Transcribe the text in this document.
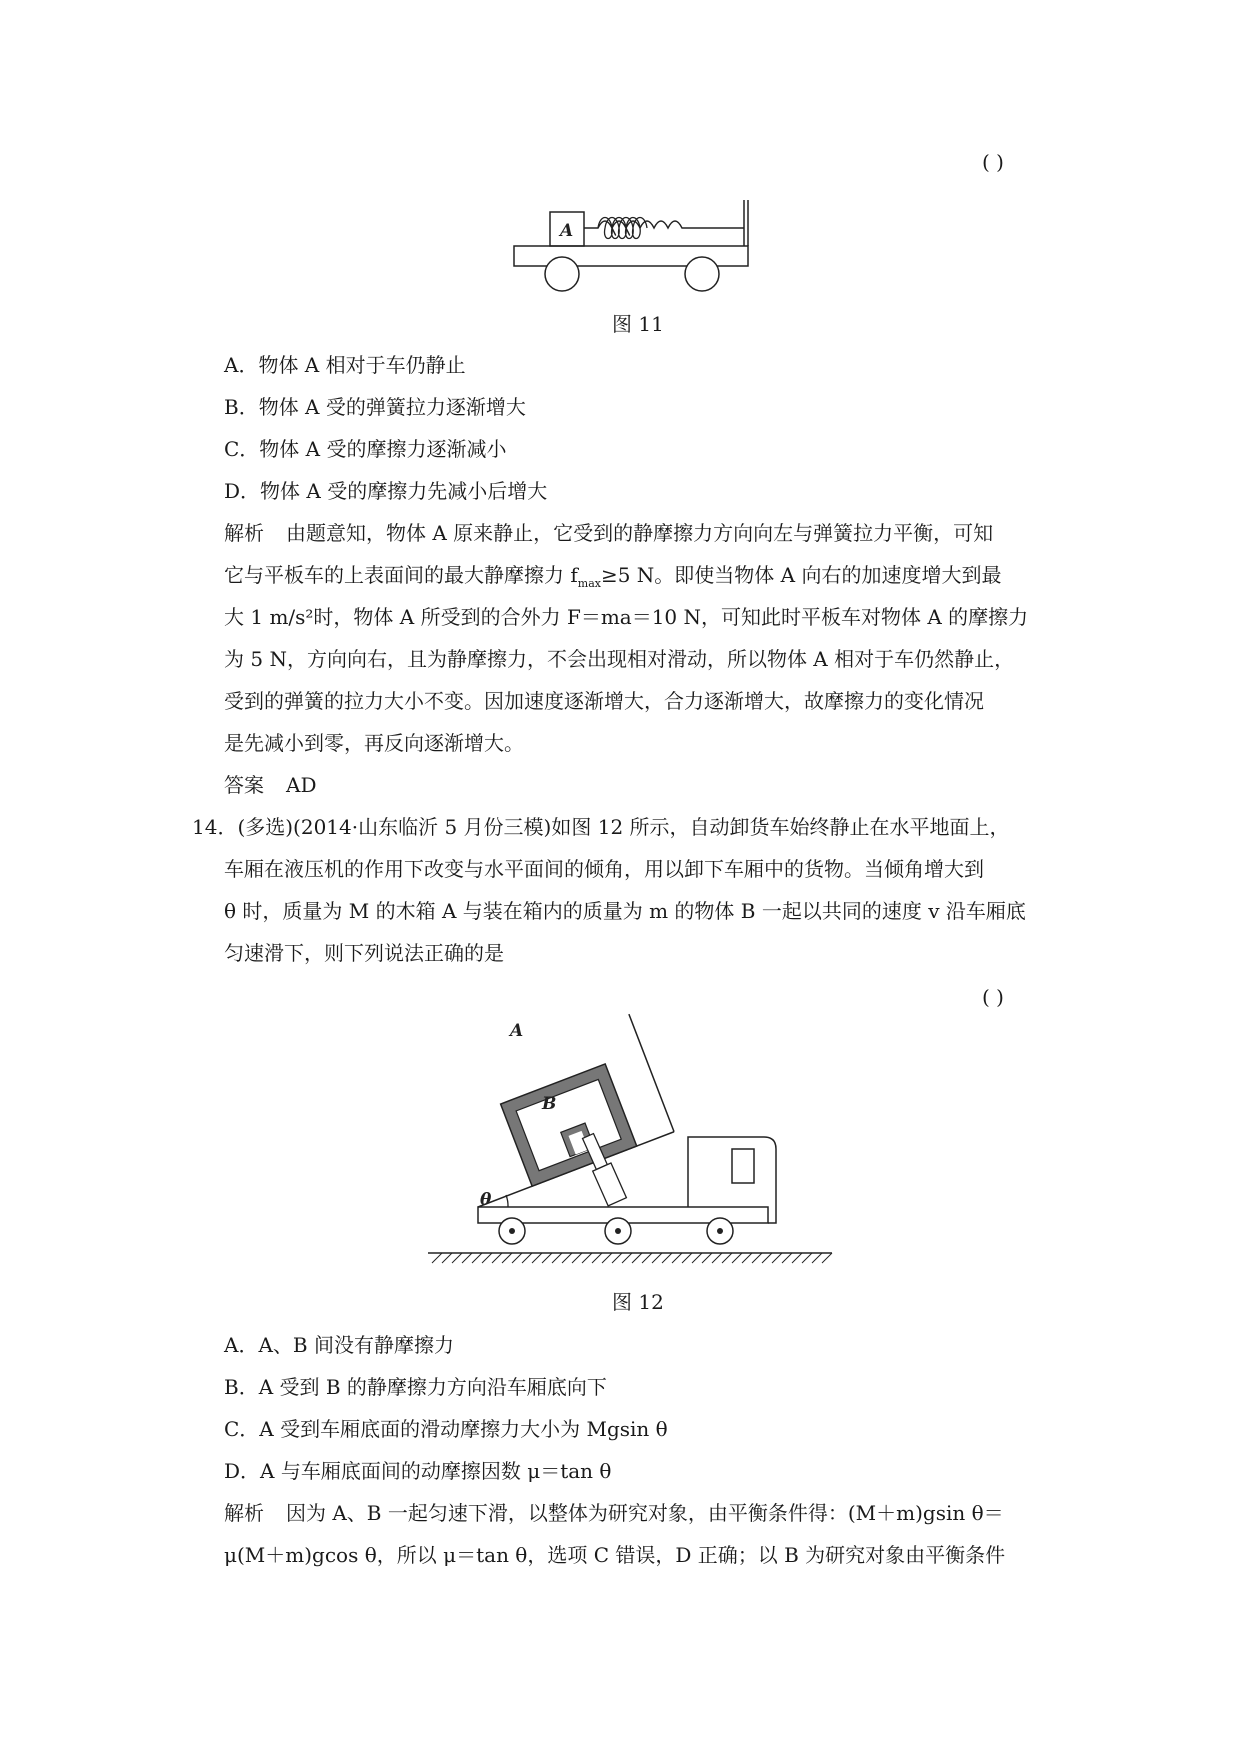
( )
A
图 11
A．物体 A 相对于车仍静止
B．物体 A 受的弹簧拉力逐渐增大
C．物体 A 受的摩擦力逐渐减小
D．物体 A 受的摩擦力先减小后增大
解析 由题意知，物体 A 原来静止，它受到的静摩擦力方向向左与弹簧拉力平衡，可知
它与平板车的上表面间的最大静摩擦力 $f_{max}\ge 5$ N。即使当物体 A 向右的加速度增大到最
大 1 m/s²时，物体 A 所受到的合外力 F＝ma＝10 N，可知此时平板车对物体 A 的摩擦力
为 5 N，方向向右，且为静摩擦力，不会出现相对滑动，所以物体 A 相对于车仍然静止，
受到的弹簧的拉力大小不变。因加速度逐渐增大，合力逐渐增大，故摩擦力的变化情况
是先减小到零，再反向逐渐增大。
答案 AD
14．(多选)(2014·山东临沂 5 月份三模)如图 12 所示，自动卸货车始终静止在水平地面上，
车厢在液压机的作用下改变与水平面间的倾角，用以卸下车厢中的货物。当倾角增大到
θ 时，质量为 M 的木箱 A 与装在箱内的质量为 m 的物体 B 一起以共同的速度 v 沿车厢底
匀速滑下，则下列说法正确的是
( )
θ
A
B
图 12
A．A、B 间没有静摩擦力
B．A 受到 B 的静摩擦力方向沿车厢底向下
C．A 受到车厢底面的滑动摩擦力大小为 Mgsin θ
D．A 与车厢底面间的动摩擦因数 μ＝tan θ
解析 因为 A、B 一起匀速下滑，以整体为研究对象，由平衡条件得：(M＋m)gsin θ＝
μ(M＋m)gcos θ，所以 μ＝tan θ，选项 C 错误，D 正确；以 B 为研究对象由平衡条件
